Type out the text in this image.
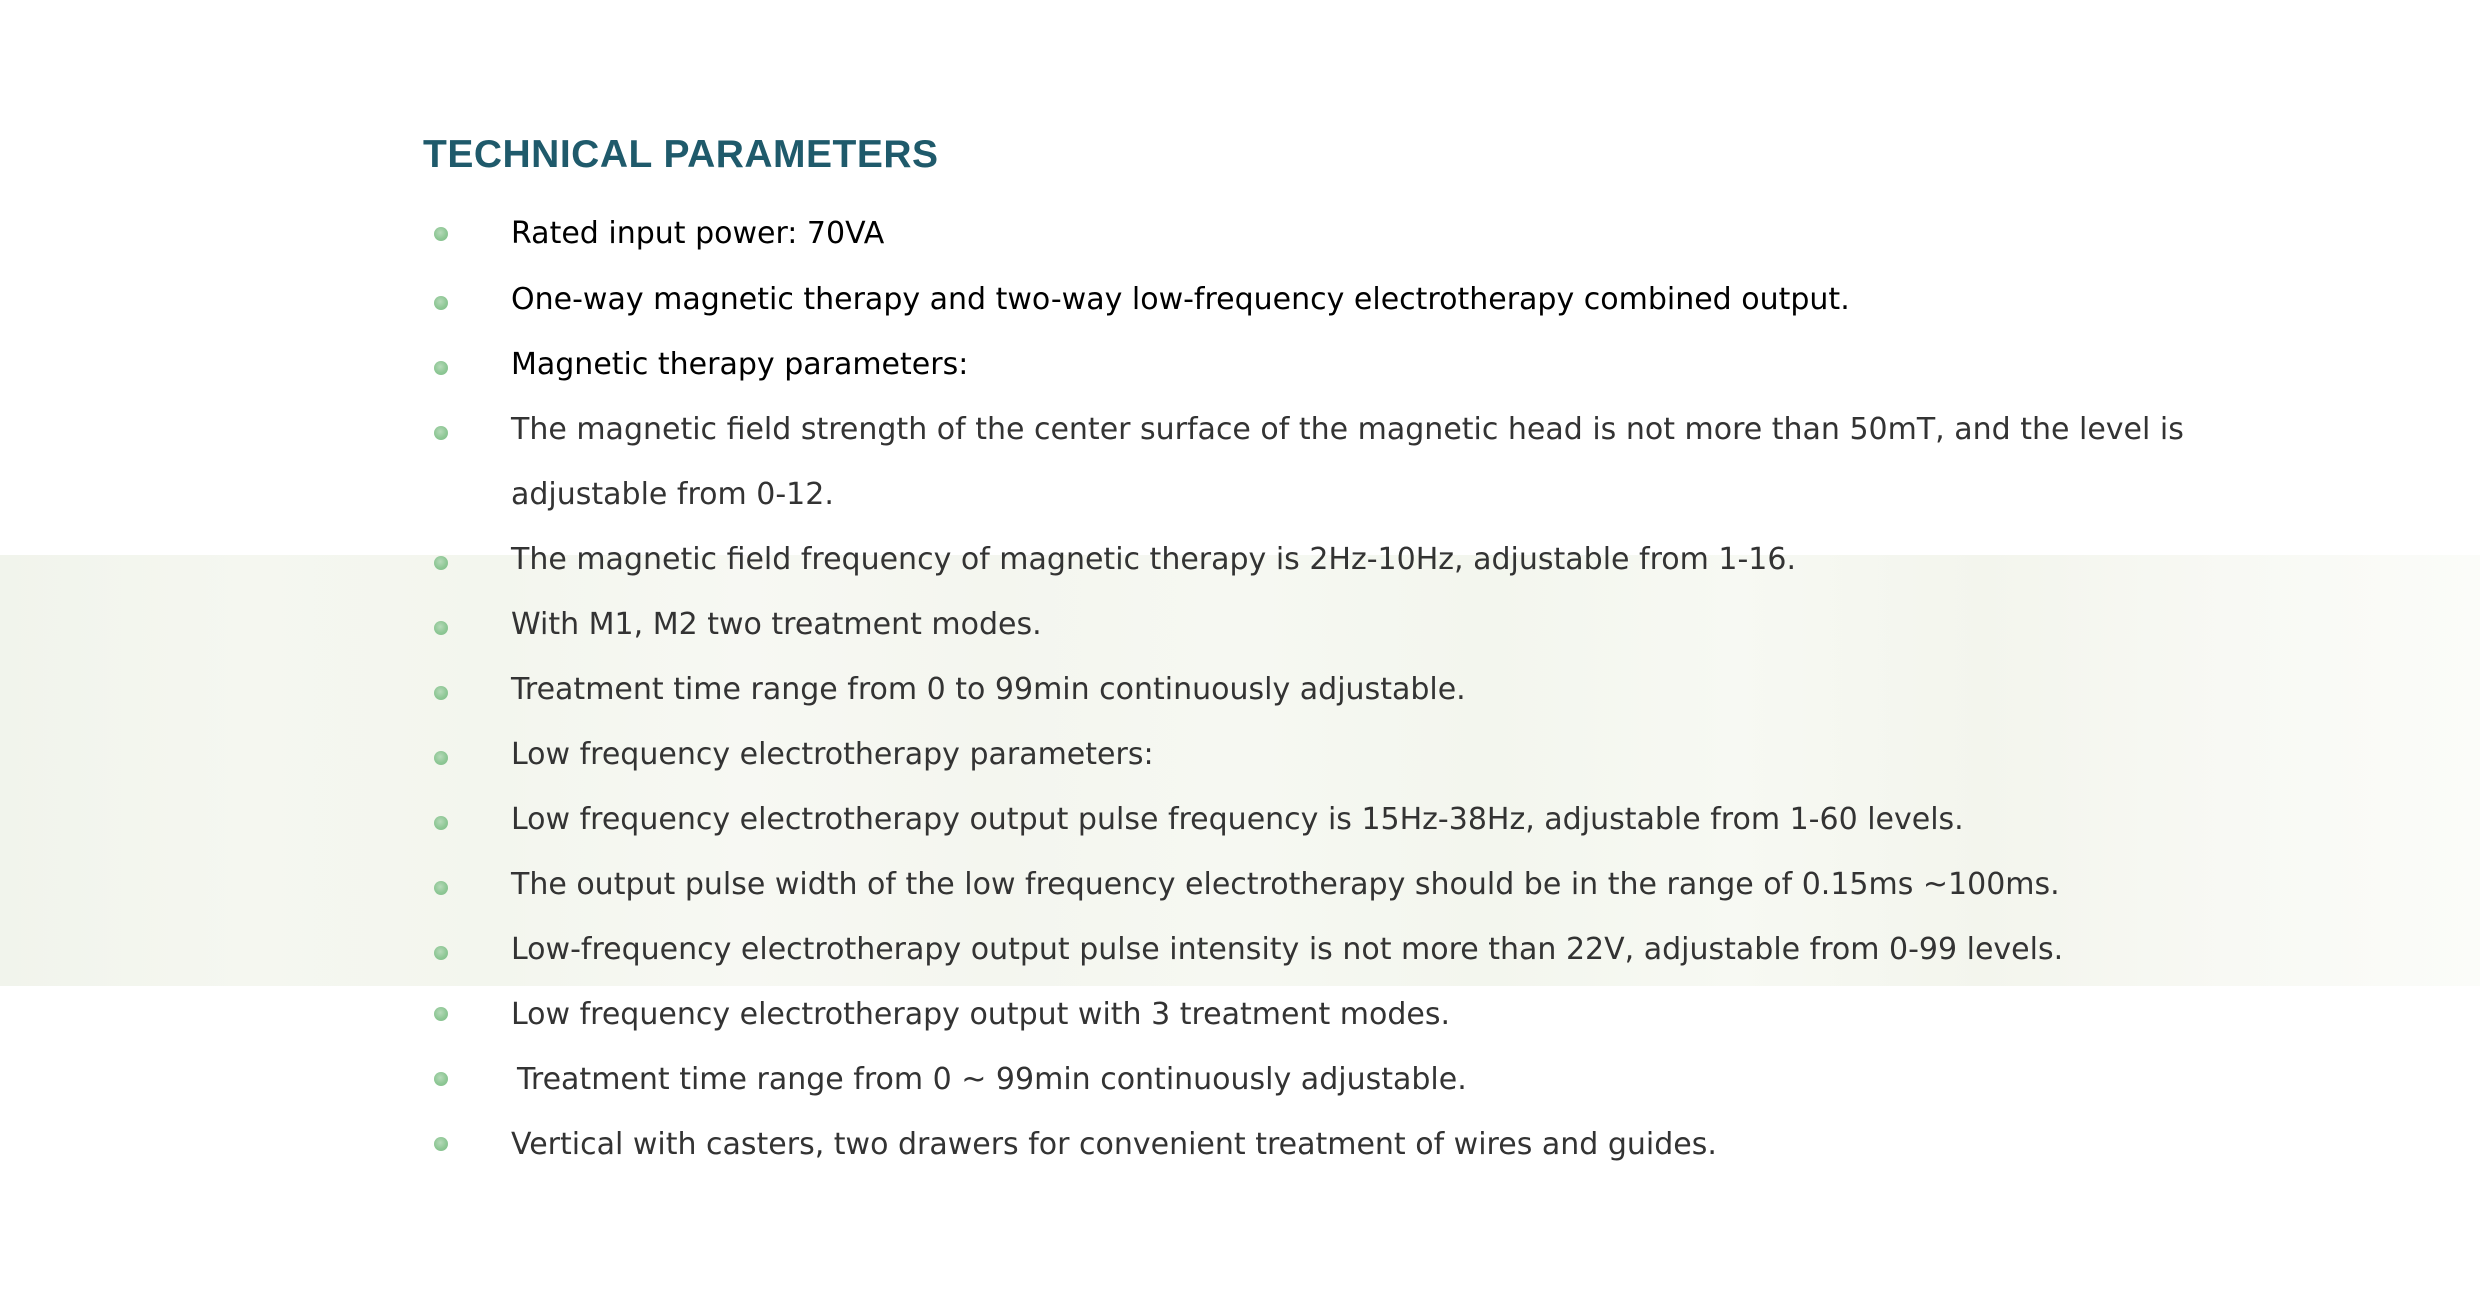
TECHNICAL PARAMETERS
Rated input power: 70VA
One-way magnetic therapy and two-way low-frequency electrotherapy combined output.
Magnetic therapy parameters:
The magnetic field strength of the center surface of the magnetic head is not more than 50mT, and the level is
adjustable from 0-12.
The magnetic field frequency of magnetic therapy is 2Hz-10Hz, adjustable from 1-16.
With M1, M2 two treatment modes.
Treatment time range from 0 to 99min continuously adjustable.
Low frequency electrotherapy parameters:
Low frequency electrotherapy output pulse frequency is 15Hz-38Hz, adjustable from 1-60 levels.
The output pulse width of the low frequency electrotherapy should be in the range of 0.15ms ~100ms.
Low-frequency electrotherapy output pulse intensity is not more than 22V, adjustable from 0-99 levels.
Low frequency electrotherapy output with 3 treatment modes.
Treatment time range from 0 ~ 99min continuously adjustable.
Vertical with casters, two drawers for convenient treatment of wires and guides.
